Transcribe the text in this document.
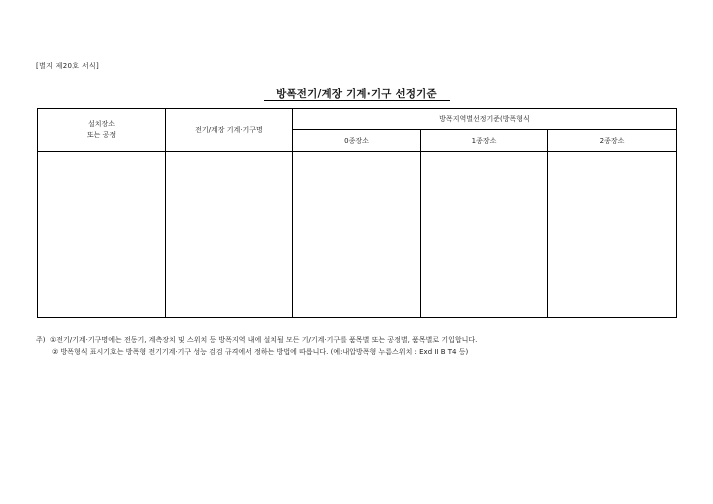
[별지 제20호 서식]
방폭전기/계장 기계·기구 선정기준
설치장소
또는 공정	전기/계장 기계·기구명	방폭지역별선정기준(방폭형식		
		0종장소	1종장소	2종장소

주) ①전기/기계·기구명에는 전동기, 계측장치 및 스위치 등 방폭지역 내에 설치될 모든 기/기계·기구를 품목별 또는 공정별, 품목별로 기입합니다.
② 방폭형식 표시기호는 방폭형 전기기계·기구 성능 검검 규격에서 정하는 방법에 따릅니다. (예:내압방폭형 누름스위치 : Exd II B T4 등)
